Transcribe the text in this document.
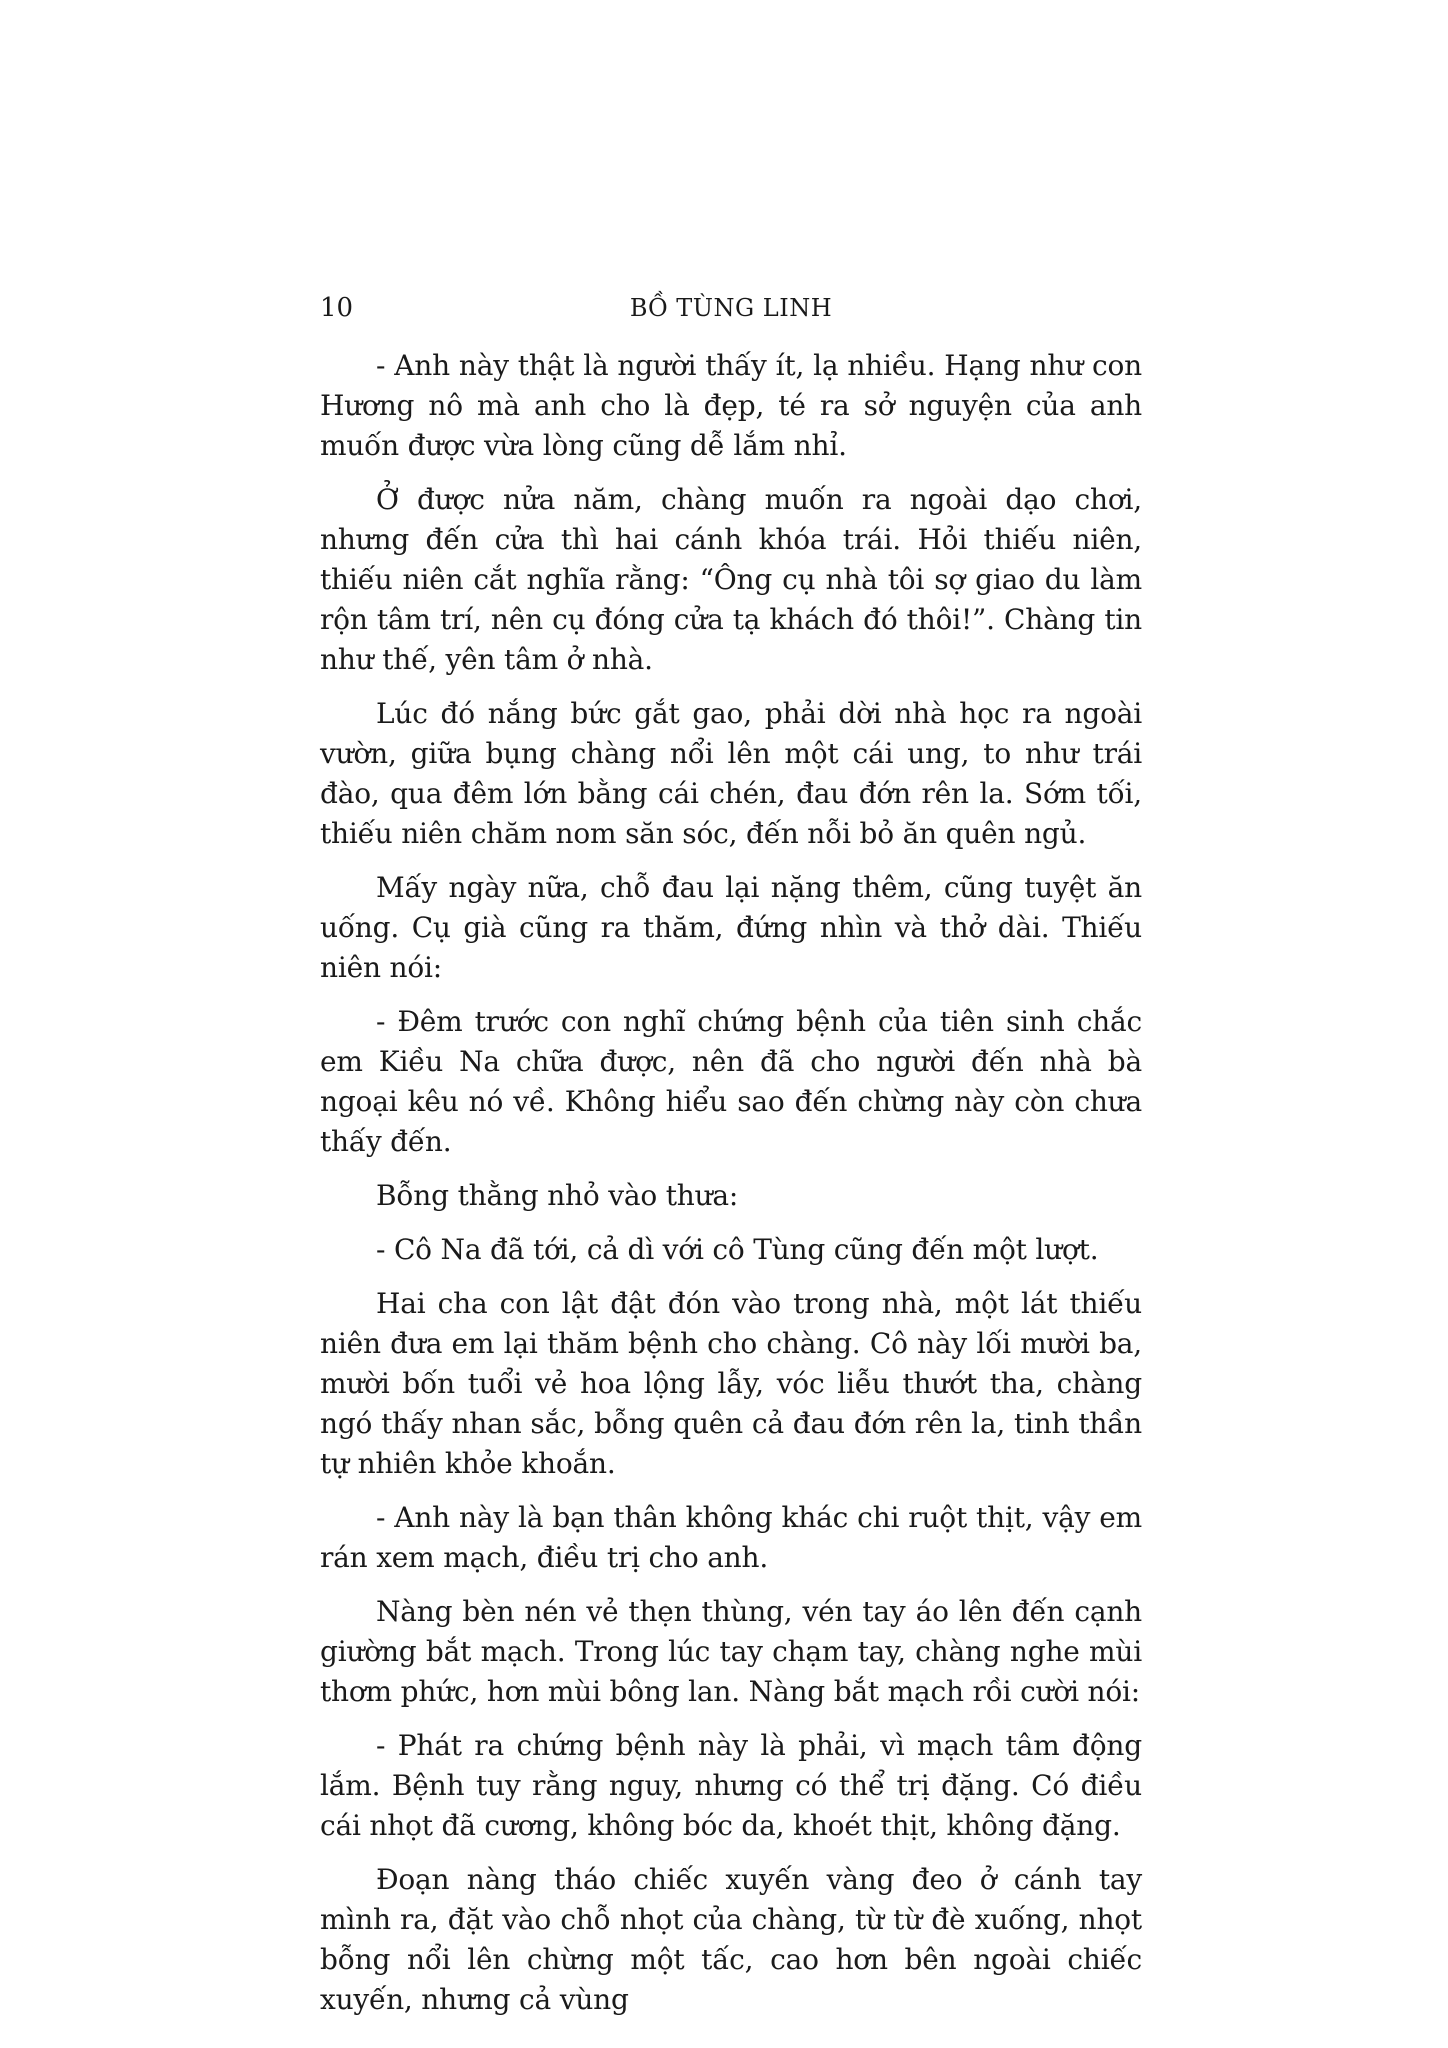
10	BỒ TÙNG LINH

- Anh này thật là người thấy ít, lạ nhiều. Hạng như con Hương nô mà anh cho là đẹp, té ra sở nguyện của anh muốn được vừa lòng cũng dễ lắm nhỉ.

Ở được nửa năm, chàng muốn ra ngoài dạo chơi, nhưng đến cửa thì hai cánh khóa trái. Hỏi thiếu niên, thiếu niên cắt nghĩa rằng: “Ông cụ nhà tôi sợ giao du làm rộn tâm trí, nên cụ đóng cửa tạ khách đó thôi!”. Chàng tin như thế, yên tâm ở nhà.

Lúc đó nắng bức gắt gao, phải dời nhà học ra ngoài vườn, giữa bụng chàng nổi lên một cái ung, to như trái đào, qua đêm lớn bằng cái chén, đau đớn rên la. Sớm tối, thiếu niên chăm nom săn sóc, đến nỗi bỏ ăn quên ngủ.

Mấy ngày nữa, chỗ đau lại nặng thêm, cũng tuyệt ăn uống. Cụ già cũng ra thăm, đứng nhìn và thở dài. Thiếu niên nói:

- Đêm trước con nghĩ chứng bệnh của tiên sinh chắc em Kiều Na chữa được, nên đã cho người đến nhà bà ngoại kêu nó về. Không hiểu sao đến chừng này còn chưa thấy đến.

Bỗng thằng nhỏ vào thưa:

- Cô Na đã tới, cả dì với cô Tùng cũng đến một lượt.

Hai cha con lật đật đón vào trong nhà, một lát thiếu niên đưa em lại thăm bệnh cho chàng. Cô này lối mười ba, mười bốn tuổi vẻ hoa lộng lẫy, vóc liễu thướt tha, chàng ngó thấy nhan sắc, bỗng quên cả đau đớn rên la, tinh thần tự nhiên khỏe khoắn.

- Anh này là bạn thân không khác chi ruột thịt, vậy em rán xem mạch, điều trị cho anh.

Nàng bèn nén vẻ thẹn thùng, vén tay áo lên đến cạnh giường bắt mạch. Trong lúc tay chạm tay, chàng nghe mùi thơm phức, hơn mùi bông lan. Nàng bắt mạch rồi cười nói:

- Phát ra chứng bệnh này là phải, vì mạch tâm động lắm. Bệnh tuy rằng nguy, nhưng có thể trị đặng. Có điều cái nhọt đã cương, không bóc da, khoét thịt, không đặng.

Đoạn nàng tháo chiếc xuyến vàng đeo ở cánh tay mình ra, đặt vào chỗ nhọt của chàng, từ từ đè xuống, nhọt bỗng nổi lên chừng một tấc, cao hơn bên ngoài chiếc xuyến, nhưng cả vùng
